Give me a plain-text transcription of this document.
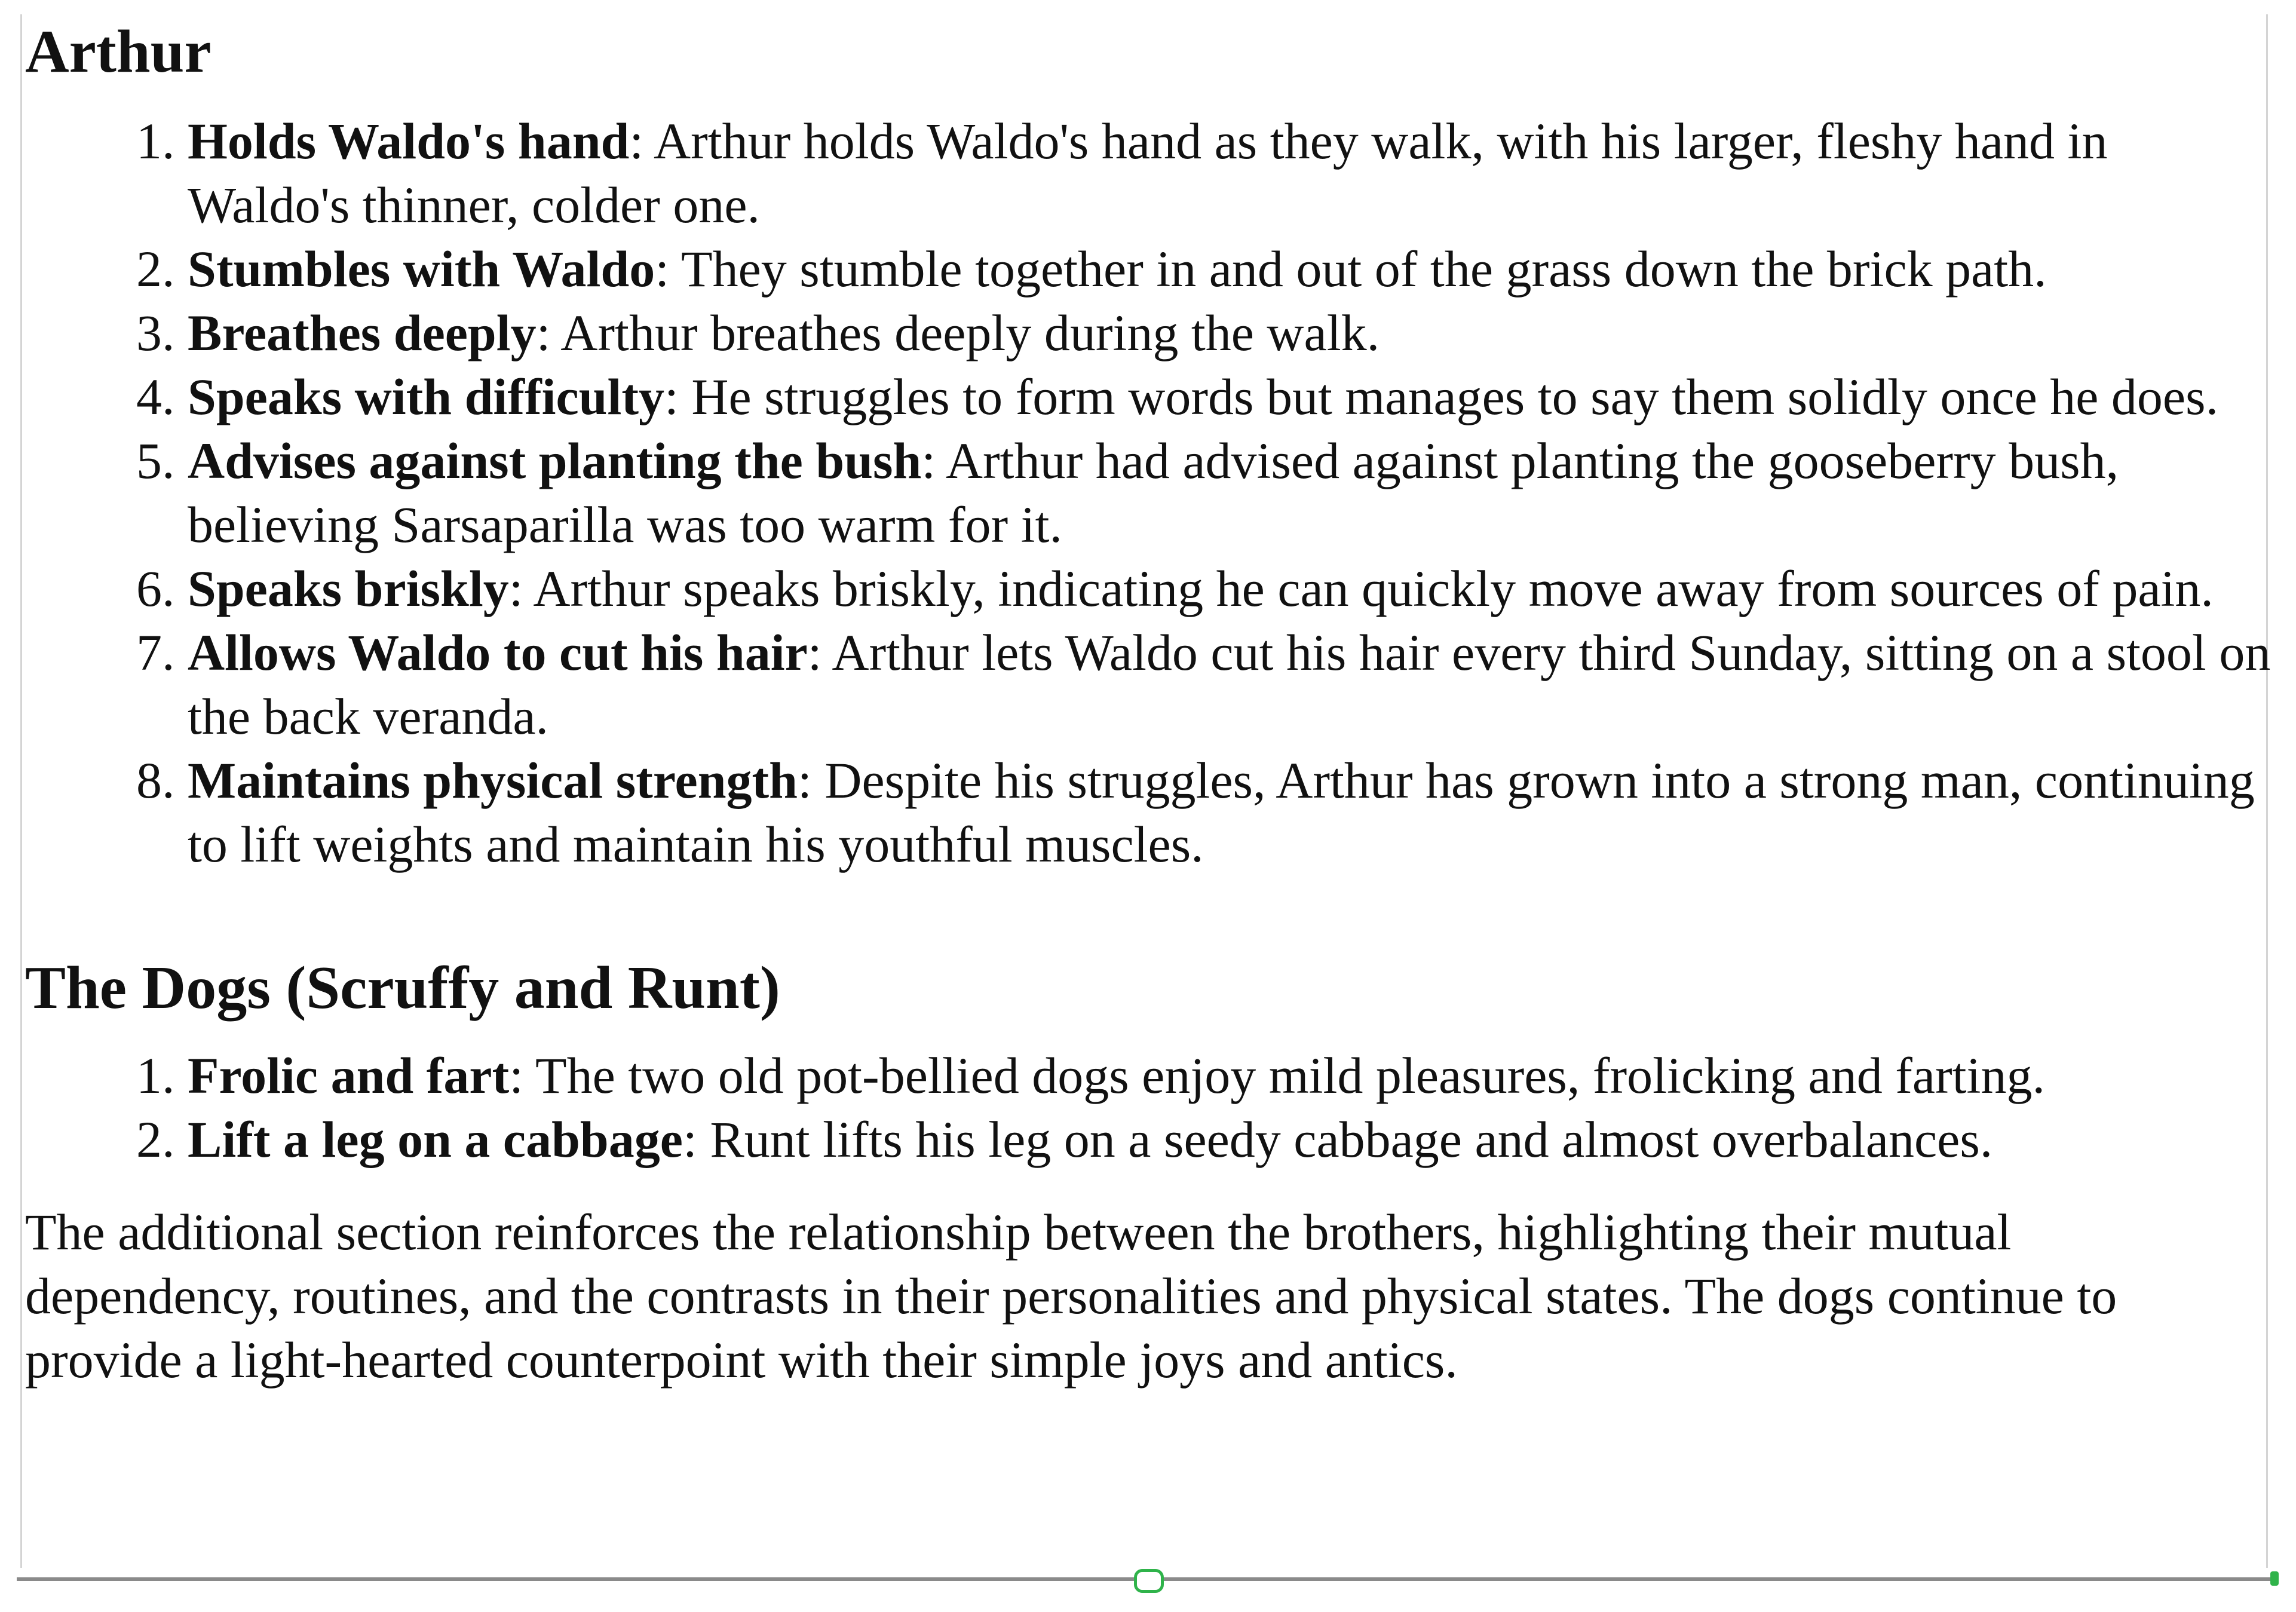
Arthur
1. Holds Waldo's hand: Arthur holds Waldo's hand as they walk, with his larger, fleshy hand in Waldo's thinner, colder one.
2. Stumbles with Waldo: They stumble together in and out of the grass down the brick path.
3. Breathes deeply: Arthur breathes deeply during the walk.
4. Speaks with difficulty: He struggles to form words but manages to say them solidly once he does.
5. Advises against planting the bush: Arthur had advised against planting the gooseberry bush, believing Sarsaparilla was too warm for it.
6. Speaks briskly: Arthur speaks briskly, indicating he can quickly move away from sources of pain.
7. Allows Waldo to cut his hair: Arthur lets Waldo cut his hair every third Sunday, sitting on a stool on the back veranda.
8. Maintains physical strength: Despite his struggles, Arthur has grown into a strong man, continuing to lift weights and maintain his youthful muscles.
The Dogs (Scruffy and Runt)
1. Frolic and fart: The two old pot-bellied dogs enjoy mild pleasures, frolicking and farting.
2. Lift a leg on a cabbage: Runt lifts his leg on a seedy cabbage and almost overbalances.

The additional section reinforces the relationship between the brothers, highlighting their mutual dependency, routines, and the contrasts in their personalities and physical states. The dogs continue to provide a light-hearted counterpoint with their simple joys and antics.
